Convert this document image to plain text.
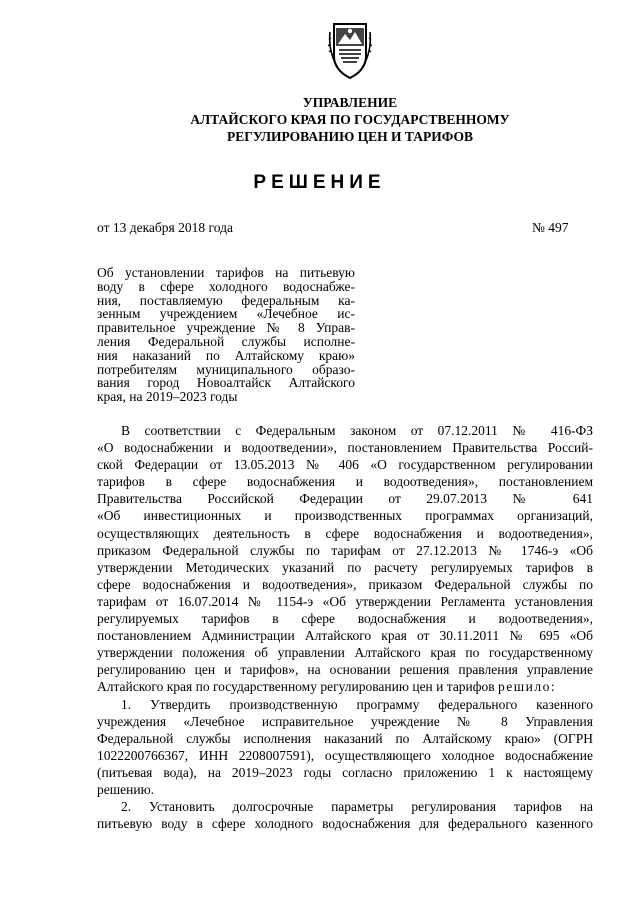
УПРАВЛЕНИЕ
АЛТАЙСКОГО КРАЯ ПО ГОСУДАРСТВЕННОМУ
РЕГУЛИРОВАНИЮ ЦЕН И ТАРИФОВ
РЕШЕНИЕ
от 13 декабря 2018 года	№ 497
Об установлении тарифов на питьевую
воду в сфере холодного водоснабже-
ния, поставляемую федеральным ка-
зенным учреждением «Лечебное ис-
правительное учреждение № 8 Управ-
ления Федеральной службы исполне-
ния наказаний по Алтайскому краю»
потребителям муниципального образо-
вания город Новоалтайск Алтайского
края, на 2019–2023 годы
В соответствии с Федеральным законом от 07.12.2011 № 416-ФЗ
«О водоснабжении и водоотведении», постановлением Правительства Россий-
ской Федерации от 13.05.2013 № 406 «О государственном регулировании
тарифов в сфере водоснабжения и водоотведения», постановлением
Правительства Российской Федерации от 29.07.2013 № 641
«Об инвестиционных и производственных программах организаций,
осуществляющих деятельность в сфере водоснабжения и водоотведения»,
приказом Федеральной службы по тарифам от 27.12.2013 № 1746-э «Об
утверждении Методических указаний по расчету регулируемых тарифов в
сфере водоснабжения и водоотведения», приказом Федеральной службы по
тарифам от 16.07.2014 № 1154-э «Об утверждении Регламента установления
регулируемых тарифов в сфере водоснабжения и водоотведения»,
постановлением Администрации Алтайского края от 30.11.2011 № 695 «Об
утверждении положения об управлении Алтайского края по государственному
регулированию цен и тарифов», на основании решения правления управление
Алтайского края по государственному регулированию цен и тарифов решило:
1. Утвердить производственную программу федерального казенного
учреждения «Лечебное исправительное учреждение № 8 Управления
Федеральной службы исполнения наказаний по Алтайскому краю» (ОГРН
1022200766367, ИНН 2208007591), осуществляющего холодное водоснабжение
(питьевая вода), на 2019–2023 годы согласно приложению 1 к настоящему
решению.
2. Установить долгосрочные параметры регулирования тарифов на
питьевую воду в сфере холодного водоснабжения для федерального казенного
